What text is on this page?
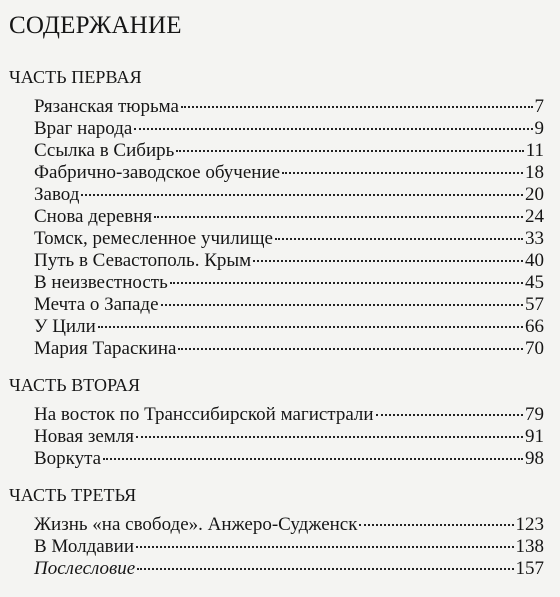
СОДЕРЖАНИЕ
ЧАСТЬ ПЕРВАЯ
Рязанская тюрьма	7
Враг народа	9
Ссылка в Сибирь	11
Фабрично-заводское обучение	18
Завод	20
Снова деревня	24
Томск, ремесленное училище	33
Путь в Севастополь. Крым	40
В неизвестность	45
Мечта о Западе	57
У Цили	66
Мария Тараскина	70
ЧАСТЬ ВТОРАЯ
На восток по Транссибирской магистрали	79
Новая земля	91
Воркута	98
ЧАСТЬ ТРЕТЬЯ
Жизнь «на свободе». Анжеро-Судженск	123
В Молдавии	138
Послесловие	157
